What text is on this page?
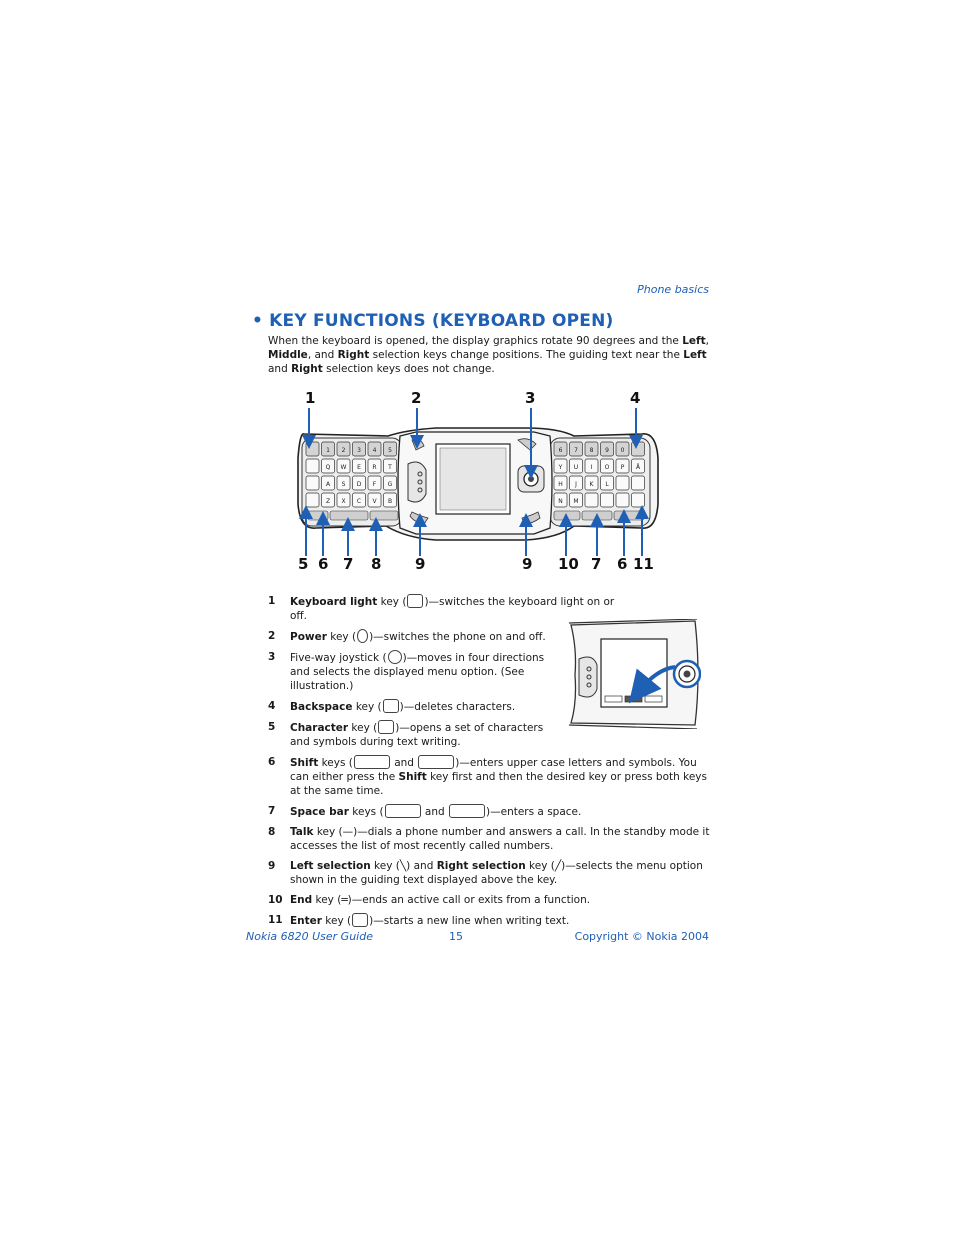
Phone basics
• KEY FUNCTIONS (KEYBOARD OPEN)
When the keyboard is opened, the display graphics rotate 90 degrees and the Left, Middle, and Right selection keys change positions. The guiding text near the Left and Right selection keys does not change.
1	2	3	4
1 2 3 4 5
Q W E R T
A S D F G
Z X C V B
6 7 8 9 0
Y U I O P Å
H J K L
N M
5 6 7 8 9	9 10 7 6 11
1 Keyboard light key ( )—switches the keyboard light on or off.
2 Power key ( )—switches the phone on and off.
3 Five-way joystick ( )—moves in four directions and selects the displayed menu option. (See illustration.)
4 Backspace key ( )—deletes characters.
5 Character key ( )—opens a set of characters and symbols during text writing.
6 Shift keys (	and	)—enters upper case letters and symbols. You can either press the Shift key first and then the desired key or press both keys at the same time.
7 Space bar keys (	and	)—enters a space.
8 Talk key (—)—dials a phone number and answers a call. In the standby mode it accesses the list of most recently called numbers.
9 Left selection key (╲) and Right selection key (╱)—selects the menu option shown in the guiding text displayed above the key.
10 End key (═)—ends an active call or exits from a function.
11 Enter key ( )—starts a new line when writing text.
Nokia 6820 User Guide	15	Copyright © Nokia 2004
